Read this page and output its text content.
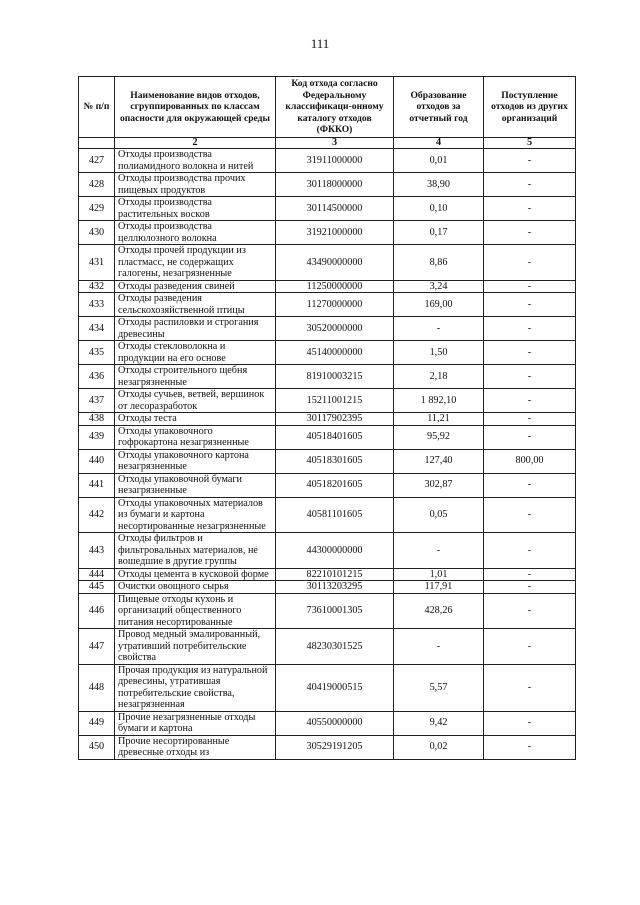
111
№ п/п	Наименование видов отходов, сгруппированных по классам опасности для окружающей среды	Код отхода согласно Федеральному классификаци-онному каталогу отходов (ФККО)	Образование отходов за отчетный год	Поступление отходов из других организаций
	2	3	4	5
427	Отходы производства полиамидного волокна и нитей	31911000000	0,01	-
428	Отходы производства прочих пищевых продуктов	30118000000	38,90	-
429	Отходы производства растительных восков	30114500000	0,10	-
430	Отходы производства целлюлозного волокна	31921000000	0,17	-
431	Отходы прочей продукции из пластмасс, не содержащих галогены, незагрязненные	43490000000	8,86	-
432	Отходы разведения свиней	11250000000	3,24	-
433	Отходы разведения сельскохозяйственной птицы	11270000000	169,00	-
434	Отходы распиловки и строгания древесины	30520000000	-	-
435	Отходы стекловолокна и продукции на его основе	45140000000	1,50	-
436	Отходы строительного щебня незагрязненные	81910003215	2,18	-
437	Отходы сучьев, ветвей, вершинок от лесоразработок	15211001215	1 892,10	-
438	Отходы теста	30117902395	11,21	-
439	Отходы упаковочного гофрокартона незагрязненные	40518401605	95,92	-
440	Отходы упаковочного картона незагрязненные	40518301605	127,40	800,00
441	Отходы упаковочной бумаги незагрязненные	40518201605	302,87	-
442	Отходы упаковочных материалов из бумаги и картона несортированные незагрязненные	40581101605	0,05	-
443	Отходы фильтров и фильтровальных материалов, не вошедшие в другие группы	44300000000	-	-
444	Отходы цемента в кусковой форме	82210101215	1,01	-
445	Очистки овощного сырья	30113203295	117,91	-
446	Пищевые отходы кухонь и организаций общественного питания несортированные	73610001305	428,26	-
447	Провод медный эмалированный, утративший потребительские свойства	48230301525	-	-
448	Прочая продукция из натуральной древесины, утратившая потребительские свойства, незагрязненная	40419000515	5,57	-
449	Прочие незагрязненные отходы бумаги и картона	40550000000	9,42	-
450	Прочие несортированные древесные отходы из	30529191205	0,02	-
